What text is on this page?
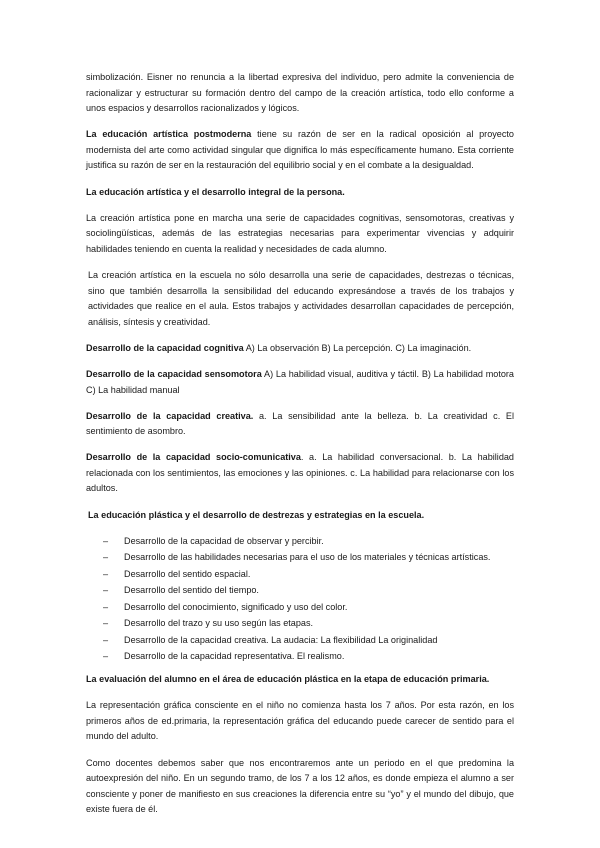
simbolización. Eisner no renuncia a la libertad expresiva del individuo, pero admite la conveniencia de racionalizar y estructurar su formación dentro del campo de la creación artística, todo ello conforme a unos espacios y desarrollos racionalizados y lógicos.

La educación artística postmoderna tiene su razón de ser en la radical oposición al proyecto modernista del arte como actividad singular que dignifica lo más específicamente humano. Esta corriente justifica su razón de ser en la restauración del equilibrio social y en el combate a la desigualdad.

La educación artística y el desarrollo integral de la persona.

La creación artística pone en marcha una serie de capacidades cognitivas, sensomotoras, creativas y sociolingüísticas, además de las estrategias necesarias para experimentar vivencias y adquirir habilidades teniendo en cuenta la realidad y necesidades de cada alumno.

La creación artística en la escuela no sólo desarrolla una serie de capacidades, destrezas o técnicas, sino que también desarrolla la sensibilidad del educando expresándose a través de los trabajos y actividades que realice en el aula. Estos trabajos y actividades desarrollan capacidades de percepción, análisis, síntesis y creatividad.

Desarrollo de la capacidad cognitiva A) La observación B) La percepción. C) La imaginación.

Desarrollo de la capacidad sensomotora A) La habilidad visual, auditiva y táctil. B) La habilidad motora C) La habilidad manual

Desarrollo de la capacidad creativa. a. La sensibilidad ante la belleza. b. La creatividad c. El sentimiento de asombro.

Desarrollo de la capacidad socio-comunicativa. a. La habilidad conversacional. b. La habilidad relacionada con los sentimientos, las emociones y las opiniones. c. La habilidad para relacionarse con los adultos.

La educación plástica y el desarrollo de destrezas y estrategias en la escuela.

– Desarrollo de la capacidad de observar y percibir.
– Desarrollo de las habilidades necesarias para el uso de los materiales y técnicas artísticas.
– Desarrollo del sentido espacial.
– Desarrollo del sentido del tiempo.
– Desarrollo del conocimiento, significado y uso del color.
– Desarrollo del trazo y su uso según las etapas.
– Desarrollo de la capacidad creativa. La audacia: La flexibilidad La originalidad
– Desarrollo de la capacidad representativa. El realismo.

La evaluación del alumno en el área de educación plástica en la etapa de educación primaria.

La representación gráfica consciente en el niño no comienza hasta los 7 años. Por esta razón, en los primeros años de ed.primaria, la representación gráfica del educando puede carecer de sentido para el mundo del adulto.

Como docentes debemos saber que nos encontraremos ante un periodo en el que predomina la autoexpresión del niño. En un segundo tramo, de los 7 a los 12 años, es donde empieza el alumno a ser consciente y poner de manifiesto en sus creaciones la diferencia entre su “yo” y el mundo del dibujo, que existe fuera de él.
